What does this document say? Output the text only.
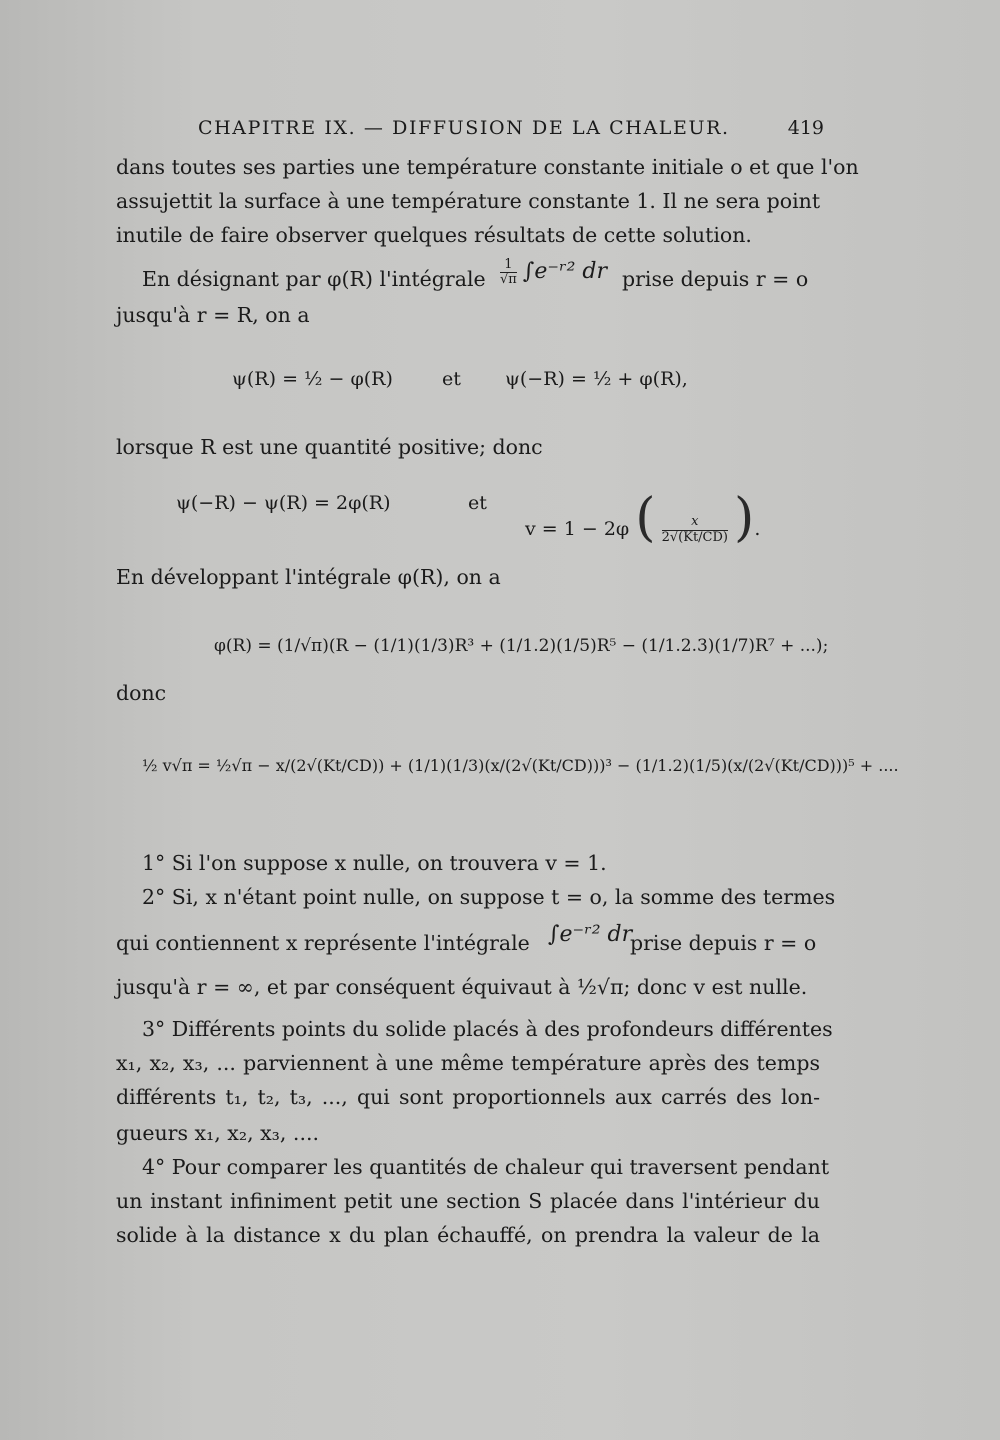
CHAPITRE IX. — DIFFUSION DE LA CHALEUR.	419
dans toutes ses parties une température constante initiale o et que l'on
assujettit la surface à une température constante 1. Il ne sera point
inutile de faire observer quelques résultats de cette solution.
En désignant par φ(R) l'intégrale $\frac{1}{√\pi}$ ∫e⁻ʳ² dr prise depuis r = o
jusqu'à r = R, on a
ψ(R) = ½ − φ(R)	et ψ(−R) = ½ + φ(R),
lorsque R est une quantité positive; donc
ψ(−R) − ψ(R) = 2φ(R)	et
v = 1 − 2φ ( $\frac{x}{2√(Kt/CD)}$ ).
En développant l'intégrale φ(R), on a
φ(R) = (1/√π)(R − (1/1)(1/3)R³ + (1/1.2)(1/5)R⁵ − (1/1.2.3)(1/7)R⁷ + ...);
donc
½ v√π = ½√π − x/(2√(Kt/CD)) + (1/1)(1/3)(x/(2√(Kt/CD)))³ − (1/1.2)(1/5)(x/(2√(Kt/CD)))⁵ + ....
1° Si l'on suppose x nulle, on trouvera v = 1.
2° Si, x n'étant point nulle, on suppose t = o, la somme des termes
qui contiennent x représente l'intégrale ∫e⁻ʳ² dr
prise depuis r = o
jusqu'à r = ∞, et par conséquent équivaut à ½√π; donc v est nulle.
3° Différents points du solide placés à des profondeurs différentes
x₁, x₂, x₃, ... parviennent à une même température après des temps
différents t₁, t₂, t₃, ..., qui sont proportionnels aux carrés des lon-
gueurs x₁, x₂, x₃, ....
4° Pour comparer les quantités de chaleur qui traversent pendant
un instant infiniment petit une section S placée dans l'intérieur du
solide à la distance x du plan échauffé, on prendra la valeur de la
